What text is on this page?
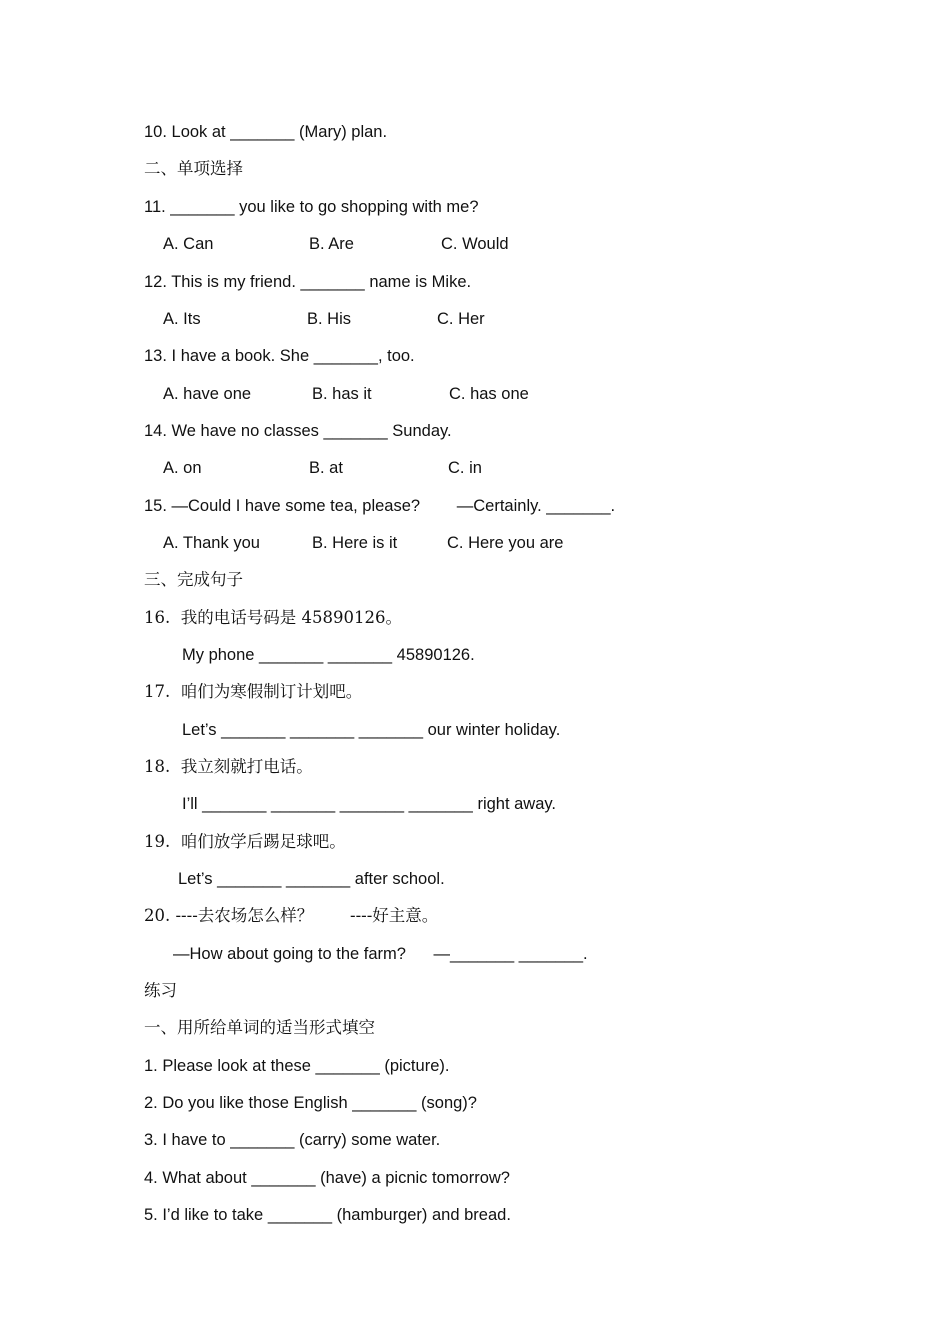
10. Look at _______ (Mary) plan.
二、单项选择
11. _______ you like to go shopping with me?
A. Can	B. Are	C. Would
12. This is my friend. _______ name is Mike.
A. Its	B. His	C. Her
13. I have a book. She _______, too.
A. have one	B. has it	C. has one
14. We have no classes _______ Sunday.
A. on	B. at	C. in
15. —Could I have some tea, please?        —Certainly. _______.
A. Thank you	B. Here is it	C. Here you are
三、完成句子
16.  我的电话号码是 45890126。
My phone _______ _______ 45890126.
17.  咱们为寒假制订计划吧。
Let’s _______ _______ _______ our winter holiday.
18.  我立刻就打电话。
I’ll _______ _______ _______ _______ right away.
19.  咱们放学后踢足球吧。
Let’s _______ _______ after school.
20. ----去农场怎么样？       ----好主意。
—How about going to the farm?      —_______ _______.
练习
一、用所给单词的适当形式填空
1. Please look at these _______ (picture).
2. Do you like those English _______ (song)?
3. I have to _______ (carry) some water.
4. What about _______ (have) a picnic tomorrow?
5. I’d like to take _______ (hamburger) and bread.
